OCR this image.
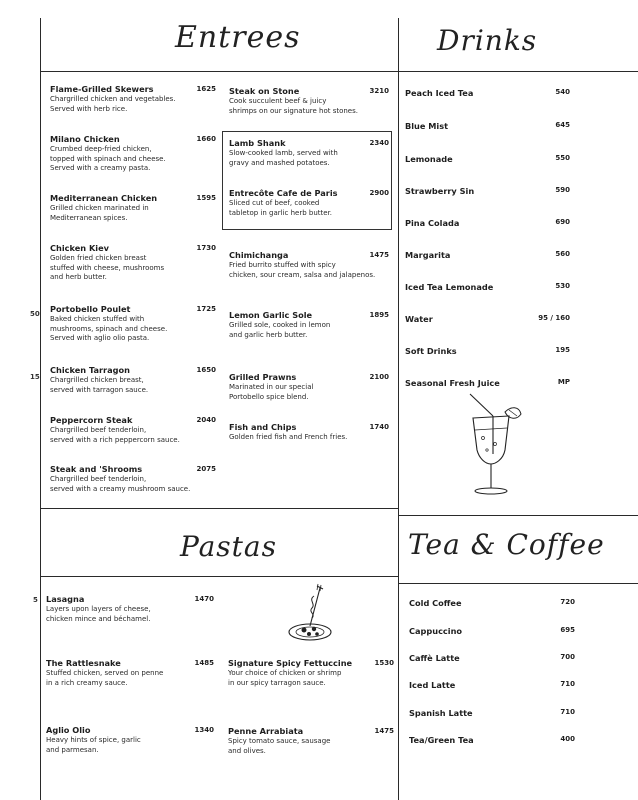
Entrees	Drinks
Pastas	Tea & Coffee
50
15
5
Flame-Grilled Skewers	1625
Chargrilled chicken and vegetables.
Served with herb rice.
Milano Chicken	1660
Crumbed deep-fried chicken,
topped with spinach and cheese.
Served with a creamy pasta.
Mediterranean Chicken	1595
Grilled chicken marinated in
Mediterranean spices.
Chicken Kiev	1730
Golden fried chicken breast
stuffed with cheese, mushrooms
and herb butter.
Portobello Poulet	1725
Baked chicken stuffed with
mushrooms, spinach and cheese.
Served with aglio olio pasta.
Chicken Tarragon	1650
Chargrilled chicken breast,
served with tarragon sauce.
Peppercorn Steak	2040
Chargrilled beef tenderloin,
served with a rich peppercorn sauce.
Steak and 'Shrooms	2075
Chargrilled beef tenderloin,
served with a creamy mushroom sauce.
Steak on Stone	3210
Cook succulent beef & juicy
shrimps on our signature hot stones.
Lamb Shank	2340
Slow-cooked lamb, served with
gravy and mashed potatoes.
Entrecôte Cafe de Paris	2900
Sliced cut of beef, cooked
tabletop in garlic herb butter.
Chimichanga	1475
Fried burrito stuffed with spicy
chicken, sour cream, salsa and jalapenos.
Lemon Garlic Sole	1895
Grilled sole, cooked in lemon
and garlic herb butter.
Grilled Prawns	2100
Marinated in our special
Portobello spice blend.
Fish and Chips	1740
Golden fried fish and French fries.
Peach Iced Tea	540
Blue Mist	645
Lemonade	550
Strawberry Sin	590
Pina Colada	690
Margarita	560
Iced Tea Lemonade	530
Water	95 / 160
Soft Drinks	195
Seasonal Fresh Juice	MP
Lasagna	1470
Layers upon layers of cheese,
chicken mince and béchamel.
The Rattlesnake	1485
Stuffed chicken, served on penne
in a rich creamy sauce.
Aglio Olio	1340
Heavy hints of spice, garlic
and parmesan.
Signature Spicy Fettuccine	1530
Your choice of chicken or shrimp
in our spicy tarragon sauce.
Penne Arrabiata	1475
Spicy tomato sauce, sausage
and olives.
Cold Coffee	720
Cappuccino	695
Caffè Latte	700
Iced Latte	710
Spanish Latte	710
Tea/Green Tea	400
